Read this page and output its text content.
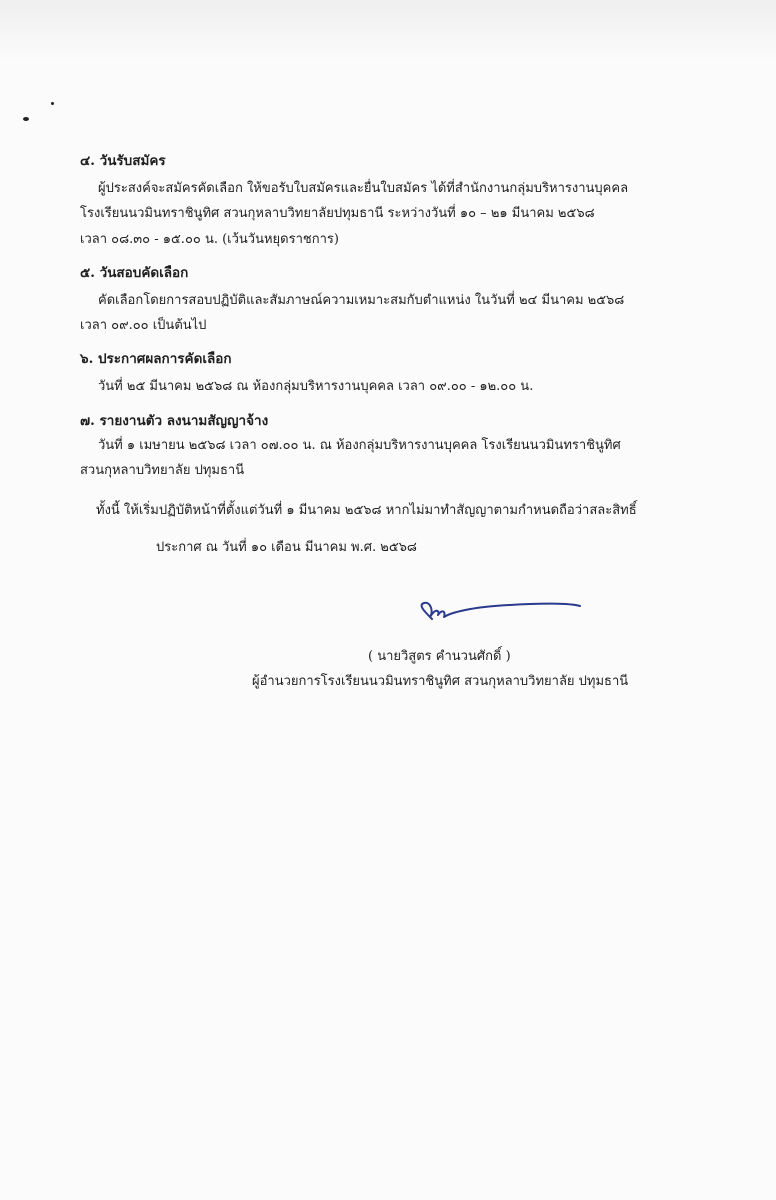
๔. วันรับสมัคร
ผู้ประสงค์จะสมัครคัดเลือก ให้ขอรับใบสมัครและยื่นใบสมัคร ได้ที่สำนักงานกลุ่มบริหารงานบุคคล
โรงเรียนนวมินทราชินูทิศ สวนกุหลาบวิทยาลัยปทุมธานี ระหว่างวันที่ ๑๐ – ๒๑ มีนาคม ๒๕๖๘
เวลา ๐๘.๓๐ - ๑๕.๐๐ น. (เว้นวันหยุดราชการ)
๕. วันสอบคัดเลือก
คัดเลือกโดยการสอบปฏิบัติและสัมภาษณ์ความเหมาะสมกับตำแหน่ง ในวันที่ ๒๔ มีนาคม ๒๕๖๘
เวลา ๐๙.๐๐ เป็นต้นไป
๖. ประกาศผลการคัดเลือก
วันที่ ๒๕ มีนาคม ๒๕๖๘ ณ ห้องกลุ่มบริหารงานบุคคล เวลา ๐๙.๐๐ - ๑๒.๐๐ น.
๗. รายงานตัว ลงนามสัญญาจ้าง
วันที่ ๑ เมษายน ๒๕๖๘ เวลา ๐๗.๐๐ น. ณ ห้องกลุ่มบริหารงานบุคคล โรงเรียนนวมินทราชินูทิศ
สวนกุหลาบวิทยาลัย ปทุมธานี
ทั้งนี้ ให้เริ่มปฏิบัติหน้าที่ตั้งแต่วันที่ ๑ มีนาคม ๒๕๖๘ หากไม่มาทำสัญญาตามกำหนดถือว่าสละสิทธิ์
ประกาศ ณ วันที่ ๑๐ เดือน มีนาคม พ.ศ. ๒๕๖๘
( นายวิสูตร คำนวนศักดิ์ )
ผู้อำนวยการโรงเรียนนวมินทราชินูทิศ สวนกุหลาบวิทยาลัย ปทุมธานี
